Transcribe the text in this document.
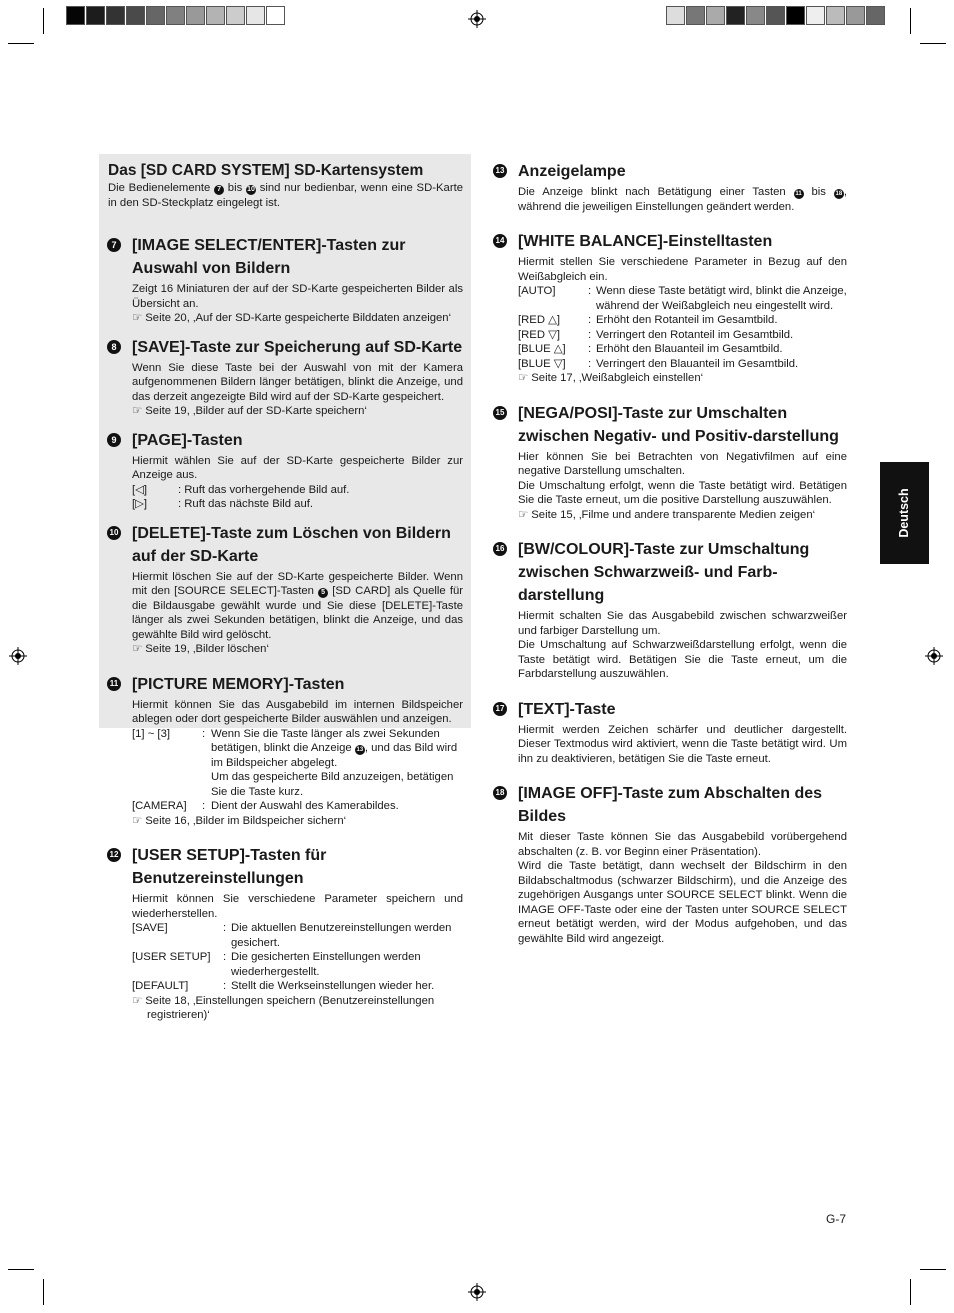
Das [SD CARD SYSTEM] SD-Kartensystem

Die Bedienelemente 7 bis 10 sind nur bedienbar, wenn eine SD-Karte in den SD-Steckplatz eingelegt ist.

7 [IMAGE SELECT/ENTER]-Tasten zur Auswahl von Bildern

Zeigt 16 Miniaturen der auf der SD-Karte gespeicherten Bilder als Übersicht an.

☞ Seite 20, ‚Auf der SD-Karte gespeicherte Bilddaten anzeigen‘

8 [SAVE]-Taste zur Speicherung auf SD-Karte

Wenn Sie diese Taste bei der Auswahl von mit der Kamera aufgenommenen Bildern länger betätigen, blinkt die Anzeige, und das derzeit angezeigte Bild wird auf der SD-Karte gespeichert.

☞ Seite 19, ‚Bilder auf der SD-Karte speichern‘

9 [PAGE]-Tasten

Hiermit wählen Sie auf der SD-Karte gespeicherte Bilder zur Anzeige aus.

[◁]	: Ruft das vorhergehende Bild auf.
[▷]	: Ruft das nächste Bild auf.

10 [DELETE]-Taste zum Löschen von Bildern auf der SD-Karte

Hiermit löschen Sie auf der SD-Karte gespeicherte Bilder. Wenn mit den [SOURCE SELECT]-Tasten 5 [SD CARD] als Quelle für die Bildausgabe gewählt wurde und Sie diese [DELETE]-Taste länger als zwei Sekunden betätigen, blinkt die Anzeige, und das gewählte Bild wird gelöscht.

☞ Seite 19, ‚Bilder löschen‘

11 [PICTURE MEMORY]-Tasten

Hiermit können Sie das Ausgabebild im internen Bildspeicher ablegen oder dort gespeicherte Bilder auswählen und anzeigen.

[1] ~ [3]	: Wenn Sie die Taste länger als zwei Sekunden betätigen, blinkt die Anzeige 13 , und das Bild wird im Bildspeicher abgelegt.
Um das gespeicherte Bild anzuzeigen, betätigen Sie die Taste kurz.
[CAMERA]	: Dient der Auswahl des Kamerabildes.

☞ Seite 16, ‚Bilder im Bildspeicher sichern‘

12 [USER SETUP]-Tasten für Benutzereinstellungen

Hiermit können Sie verschiedene Parameter speichern und wiederherstellen.

[SAVE]	: Die aktuellen Benutzereinstellungen werden gesichert.
[USER SETUP]	: Die gesicherten Einstellungen werden wiederhergestellt.
[DEFAULT]	: Stellt die Werkseinstellungen wieder her.

☞ Seite 18, ‚Einstellungen speichern (Benutzereinstellungen registrieren)‘

13 Anzeigelampe

Die Anzeige blinkt nach Betätigung einer Tasten 11 bis 18 , während die jeweiligen Einstellungen geändert werden.

14 [WHITE BALANCE]-Einstelltasten

Hiermit stellen Sie verschiedene Parameter in Bezug auf den Weißabgleich ein.

[AUTO]	: Wenn diese Taste betätigt wird, blinkt die Anzeige, während der Weißabgleich neu eingestellt wird.
[RED △]	: Erhöht den Rotanteil im Gesamtbild.
[RED ▽]	: Verringert den Rotanteil im Gesamtbild.
[BLUE △]	: Erhöht den Blauanteil im Gesamtbild.
[BLUE ▽]	: Verringert den Blauanteil im Gesamtbild.

☞ Seite 17, ‚Weißabgleich einstellen‘

15 [NEGA/POSI]-Taste zur Umschalten zwischen Negativ- und Positiv-darstellung

Hier können Sie bei Betrachten von Negativfilmen auf eine negative Darstellung umschalten.

Die Umschaltung erfolgt, wenn die Taste betätigt wird. Betätigen Sie die Taste erneut, um die positive Darstellung auszuwählen.

☞ Seite 15, ‚Filme und andere transparente Medien zeigen‘

16 [BW/COLOUR]-Taste zur Umschaltung zwischen Schwarzweiß- und Farb-darstellung

Hiermit schalten Sie das Ausgabebild zwischen schwarzweißer und farbiger Darstellung um.

Die Umschaltung auf Schwarzweißdarstellung erfolgt, wenn die Taste betätigt wird. Betätigen Sie die Taste erneut, um die Farbdarstellung auszuwählen.

17 [TEXT]-Taste

Hiermit werden Zeichen schärfer und deutlicher dargestellt. Dieser Textmodus wird aktiviert, wenn die Taste betätigt wird. Um ihn zu deaktivieren, betätigen Sie die Taste erneut.

18 [IMAGE OFF]-Taste zum Abschalten des Bildes

Mit dieser Taste können Sie das Ausgabebild vorübergehend abschalten (z. B. vor Beginn einer Präsentation).

Wird die Taste betätigt, dann wechselt der Bildschirm in den Bildabschaltmodus (schwarzer Bildschirm), und die Anzeige des zugehörigen Ausgangs unter SOURCE SELECT blinkt. Wenn die IMAGE OFF-Taste oder eine der Tasten unter SOURCE SELECT erneut betätigt werden, wird der Modus aufgehoben, und das gewählte Bild wird angezeigt.

Deutsch
G-7
